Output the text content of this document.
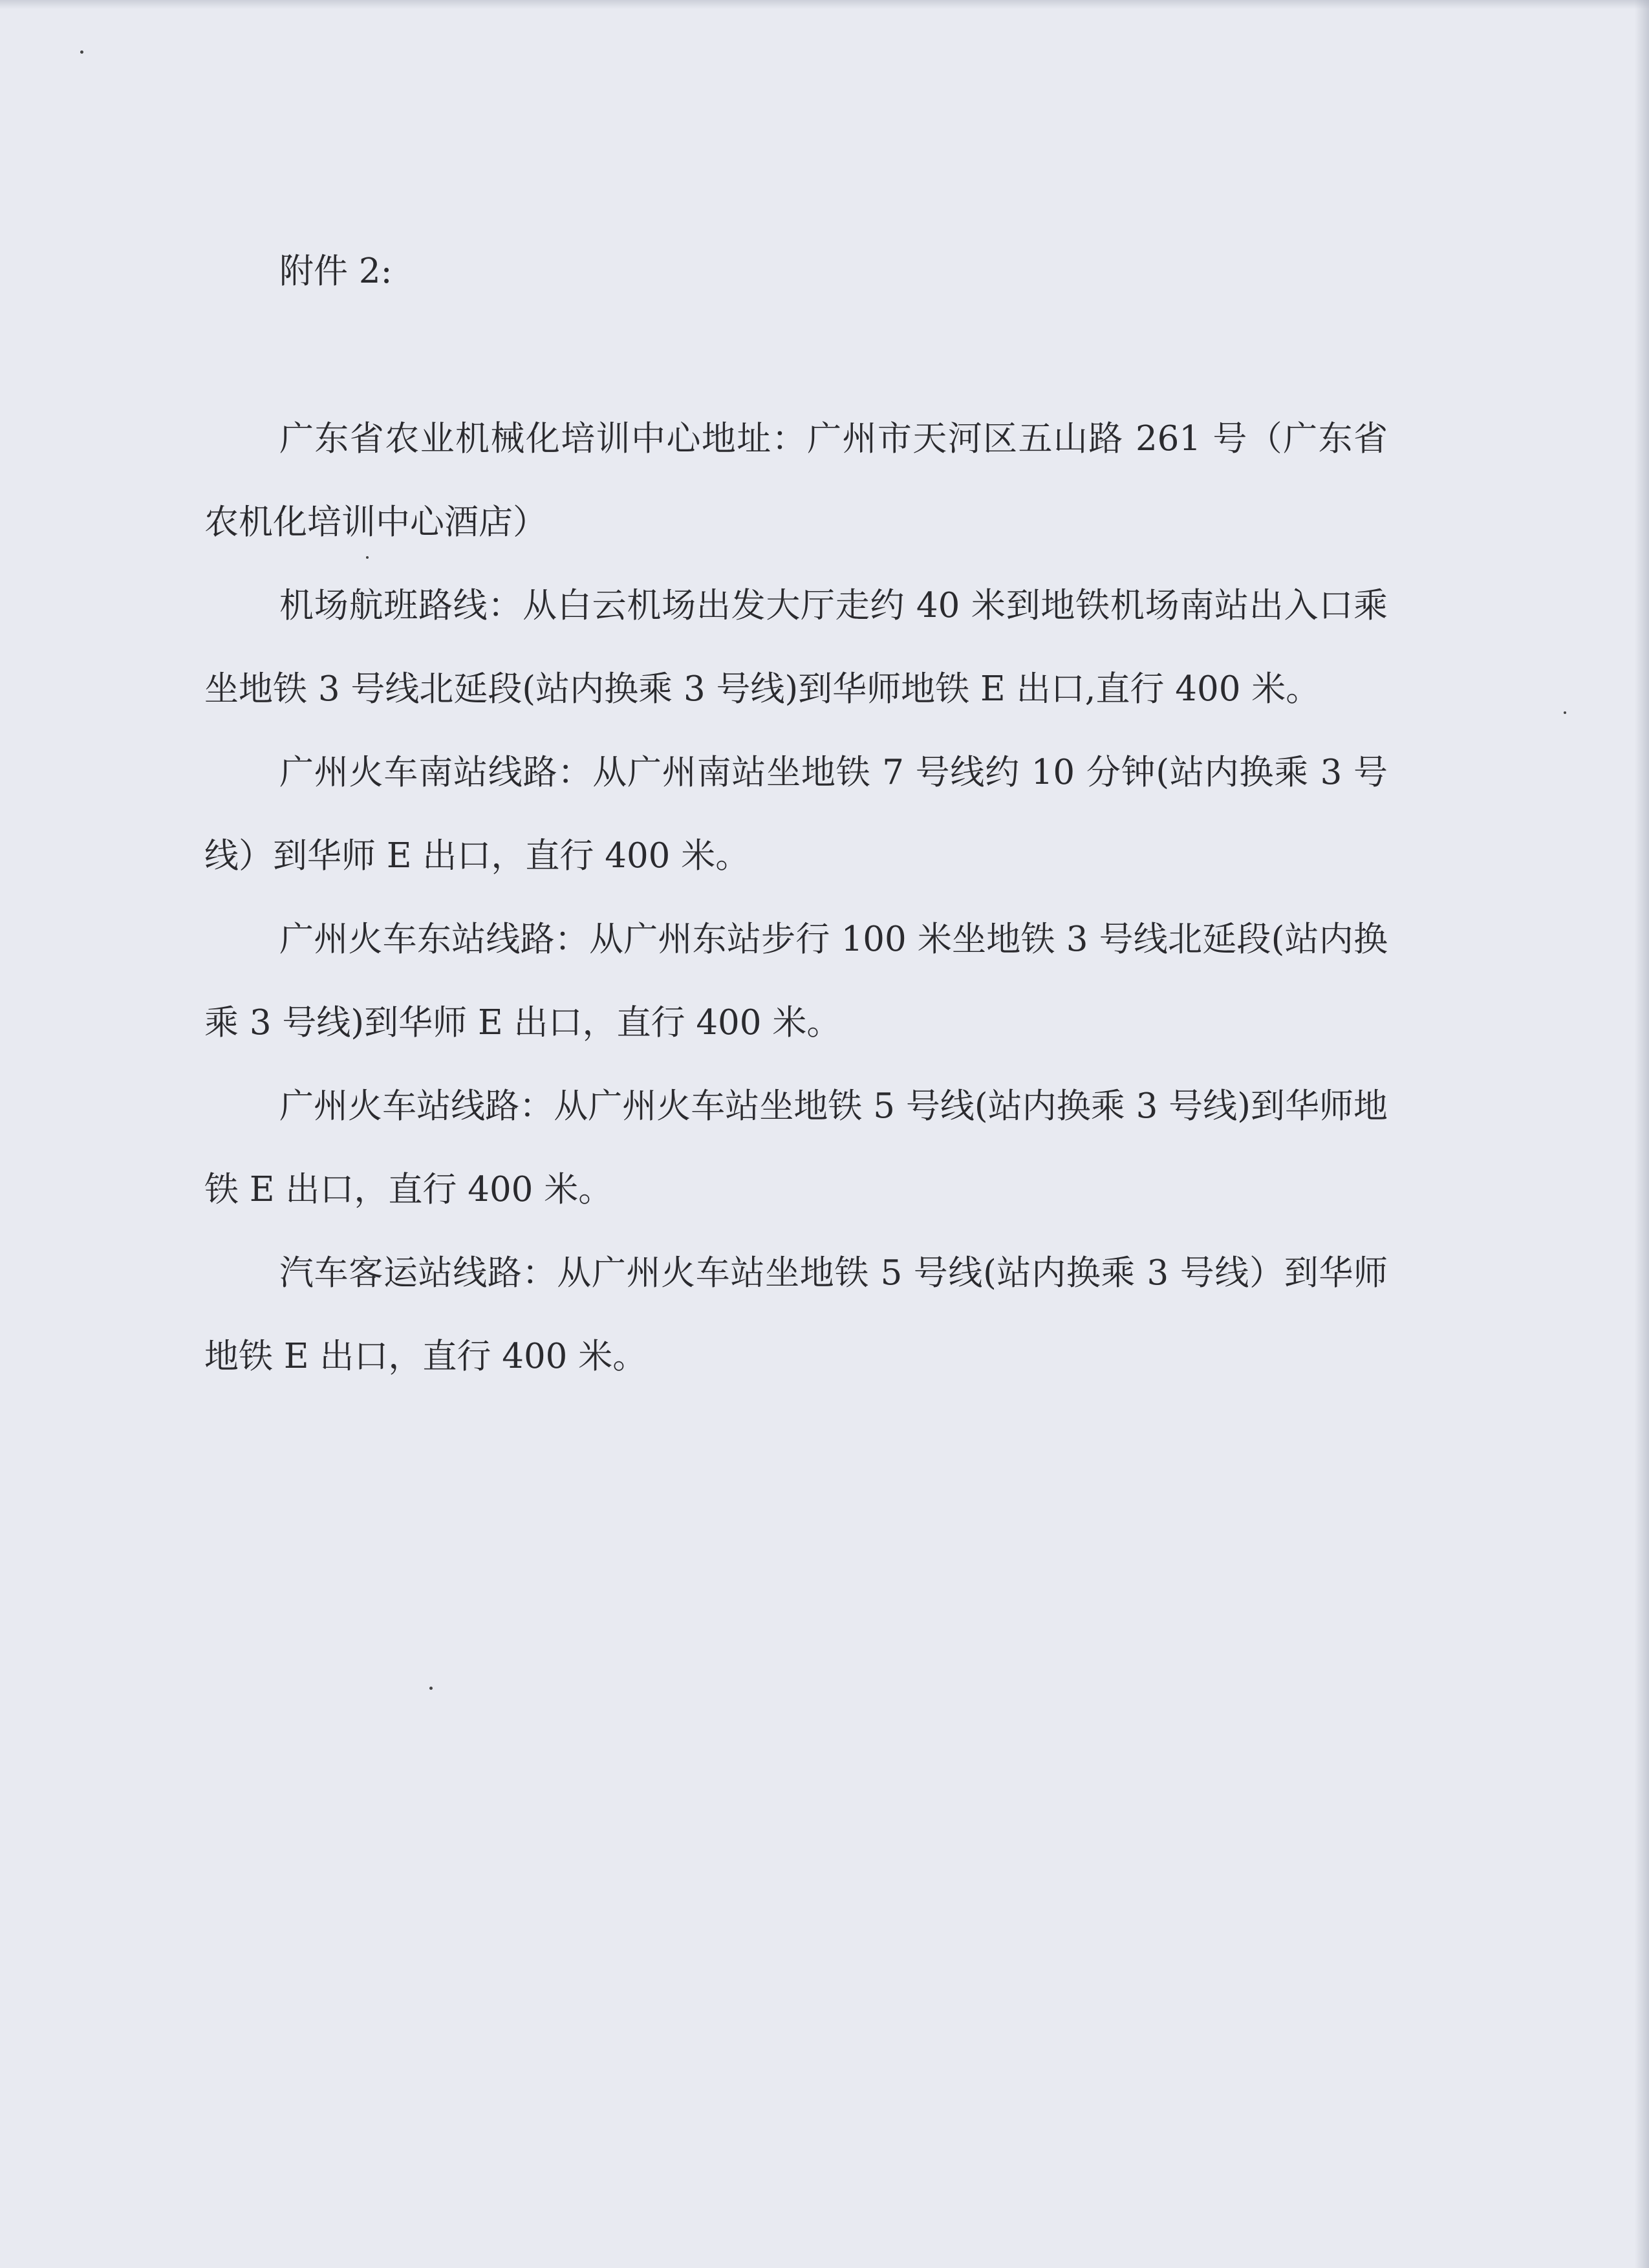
附件 2:

广东省农业机械化培训中心地址：广州市天河区五山路 261 号（广东省农机化培训中心酒店）

机场航班路线：从白云机场出发大厅走约 40 米到地铁机场南站出入口乘坐地铁 3 号线北延段(站内换乘 3 号线)到华师地铁 E 出口,直行 400 米。

广州火车南站线路：从广州南站坐地铁 7 号线约 10 分钟(站内换乘 3 号线）到华师 E 出口，直行 400 米。

广州火车东站线路：从广州东站步行 100 米坐地铁 3 号线北延段(站内换乘 3 号线)到华师 E 出口，直行 400 米。

广州火车站线路：从广州火车站坐地铁 5 号线(站内换乘 3 号线)到华师地铁 E 出口，直行 400 米。

汽车客运站线路：从广州火车站坐地铁 5 号线(站内换乘 3 号线）到华师地铁 E 出口，直行 400 米。
